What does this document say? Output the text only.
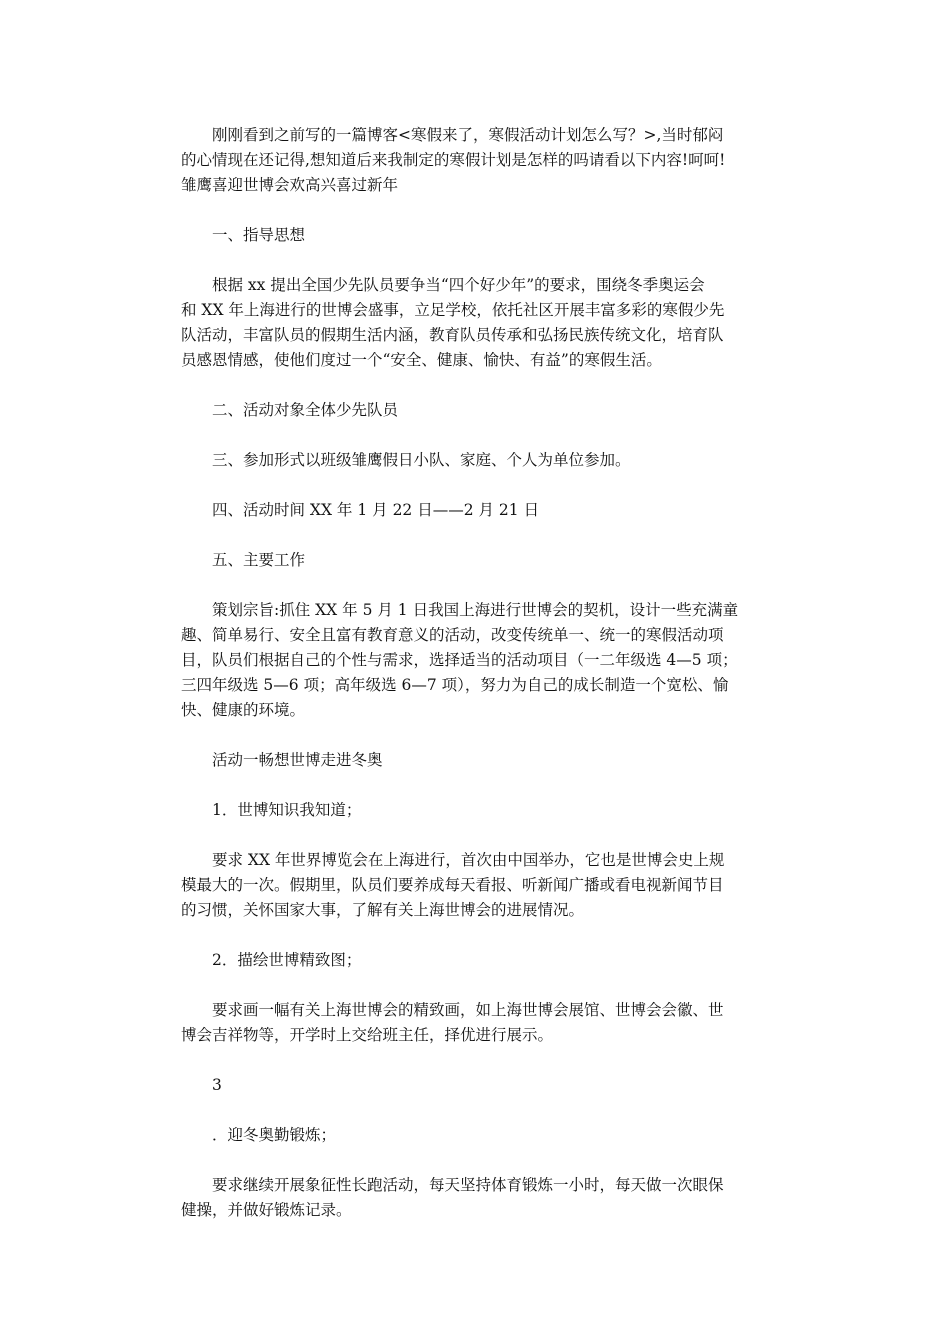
刚刚看到之前写的一篇博客<寒假来了，寒假活动计划怎么写？>,当时郁闷
的心情现在还记得,想知道后来我制定的寒假计划是怎样的吗请看以下内容!呵呵!
雏鹰喜迎世博会欢高兴喜过新年

一、指导思想

根据 xx 提出全国少先队员要争当“四个好少年”的要求，围绕冬季奥运会
和 XX 年上海进行的世博会盛事，立足学校，依托社区开展丰富多彩的寒假少先
队活动，丰富队员的假期生活内涵，教育队员传承和弘扬民族传统文化，培育队
员感恩情感，使他们度过一个“安全、健康、愉快、有益”的寒假生活。

二、活动对象全体少先队员

三、参加形式以班级雏鹰假日小队、家庭、个人为单位参加。

四、活动时间 XX 年 1 月 22 日——2 月 21 日

五、主要工作

策划宗旨:抓住 XX 年 5 月 1 日我国上海进行世博会的契机，设计一些充满童
趣、简单易行、安全且富有教育意义的活动，改变传统单一、统一的寒假活动项
目，队员们根据自己的个性与需求，选择适当的活动项目（一二年级选 4—5 项；
三四年级选 5—6 项；高年级选 6—7 项），努力为自己的成长制造一个宽松、愉
快、健康的环境。

活动一畅想世博走进冬奥

1．世博知识我知道；

要求 XX 年世界博览会在上海进行，首次由中国举办，它也是世博会史上规
模最大的一次。假期里，队员们要养成每天看报、听新闻广播或看电视新闻节目
的习惯，关怀国家大事，了解有关上海世博会的进展情况。

2．描绘世博精致图；

要求画一幅有关上海世博会的精致画，如上海世博会展馆、世博会会徽、世
博会吉祥物等，开学时上交给班主任，择优进行展示。

3

．迎冬奥勤锻炼；

要求继续开展象征性长跑活动，每天坚持体育锻炼一小时，每天做一次眼保
健操，并做好锻炼记录。
